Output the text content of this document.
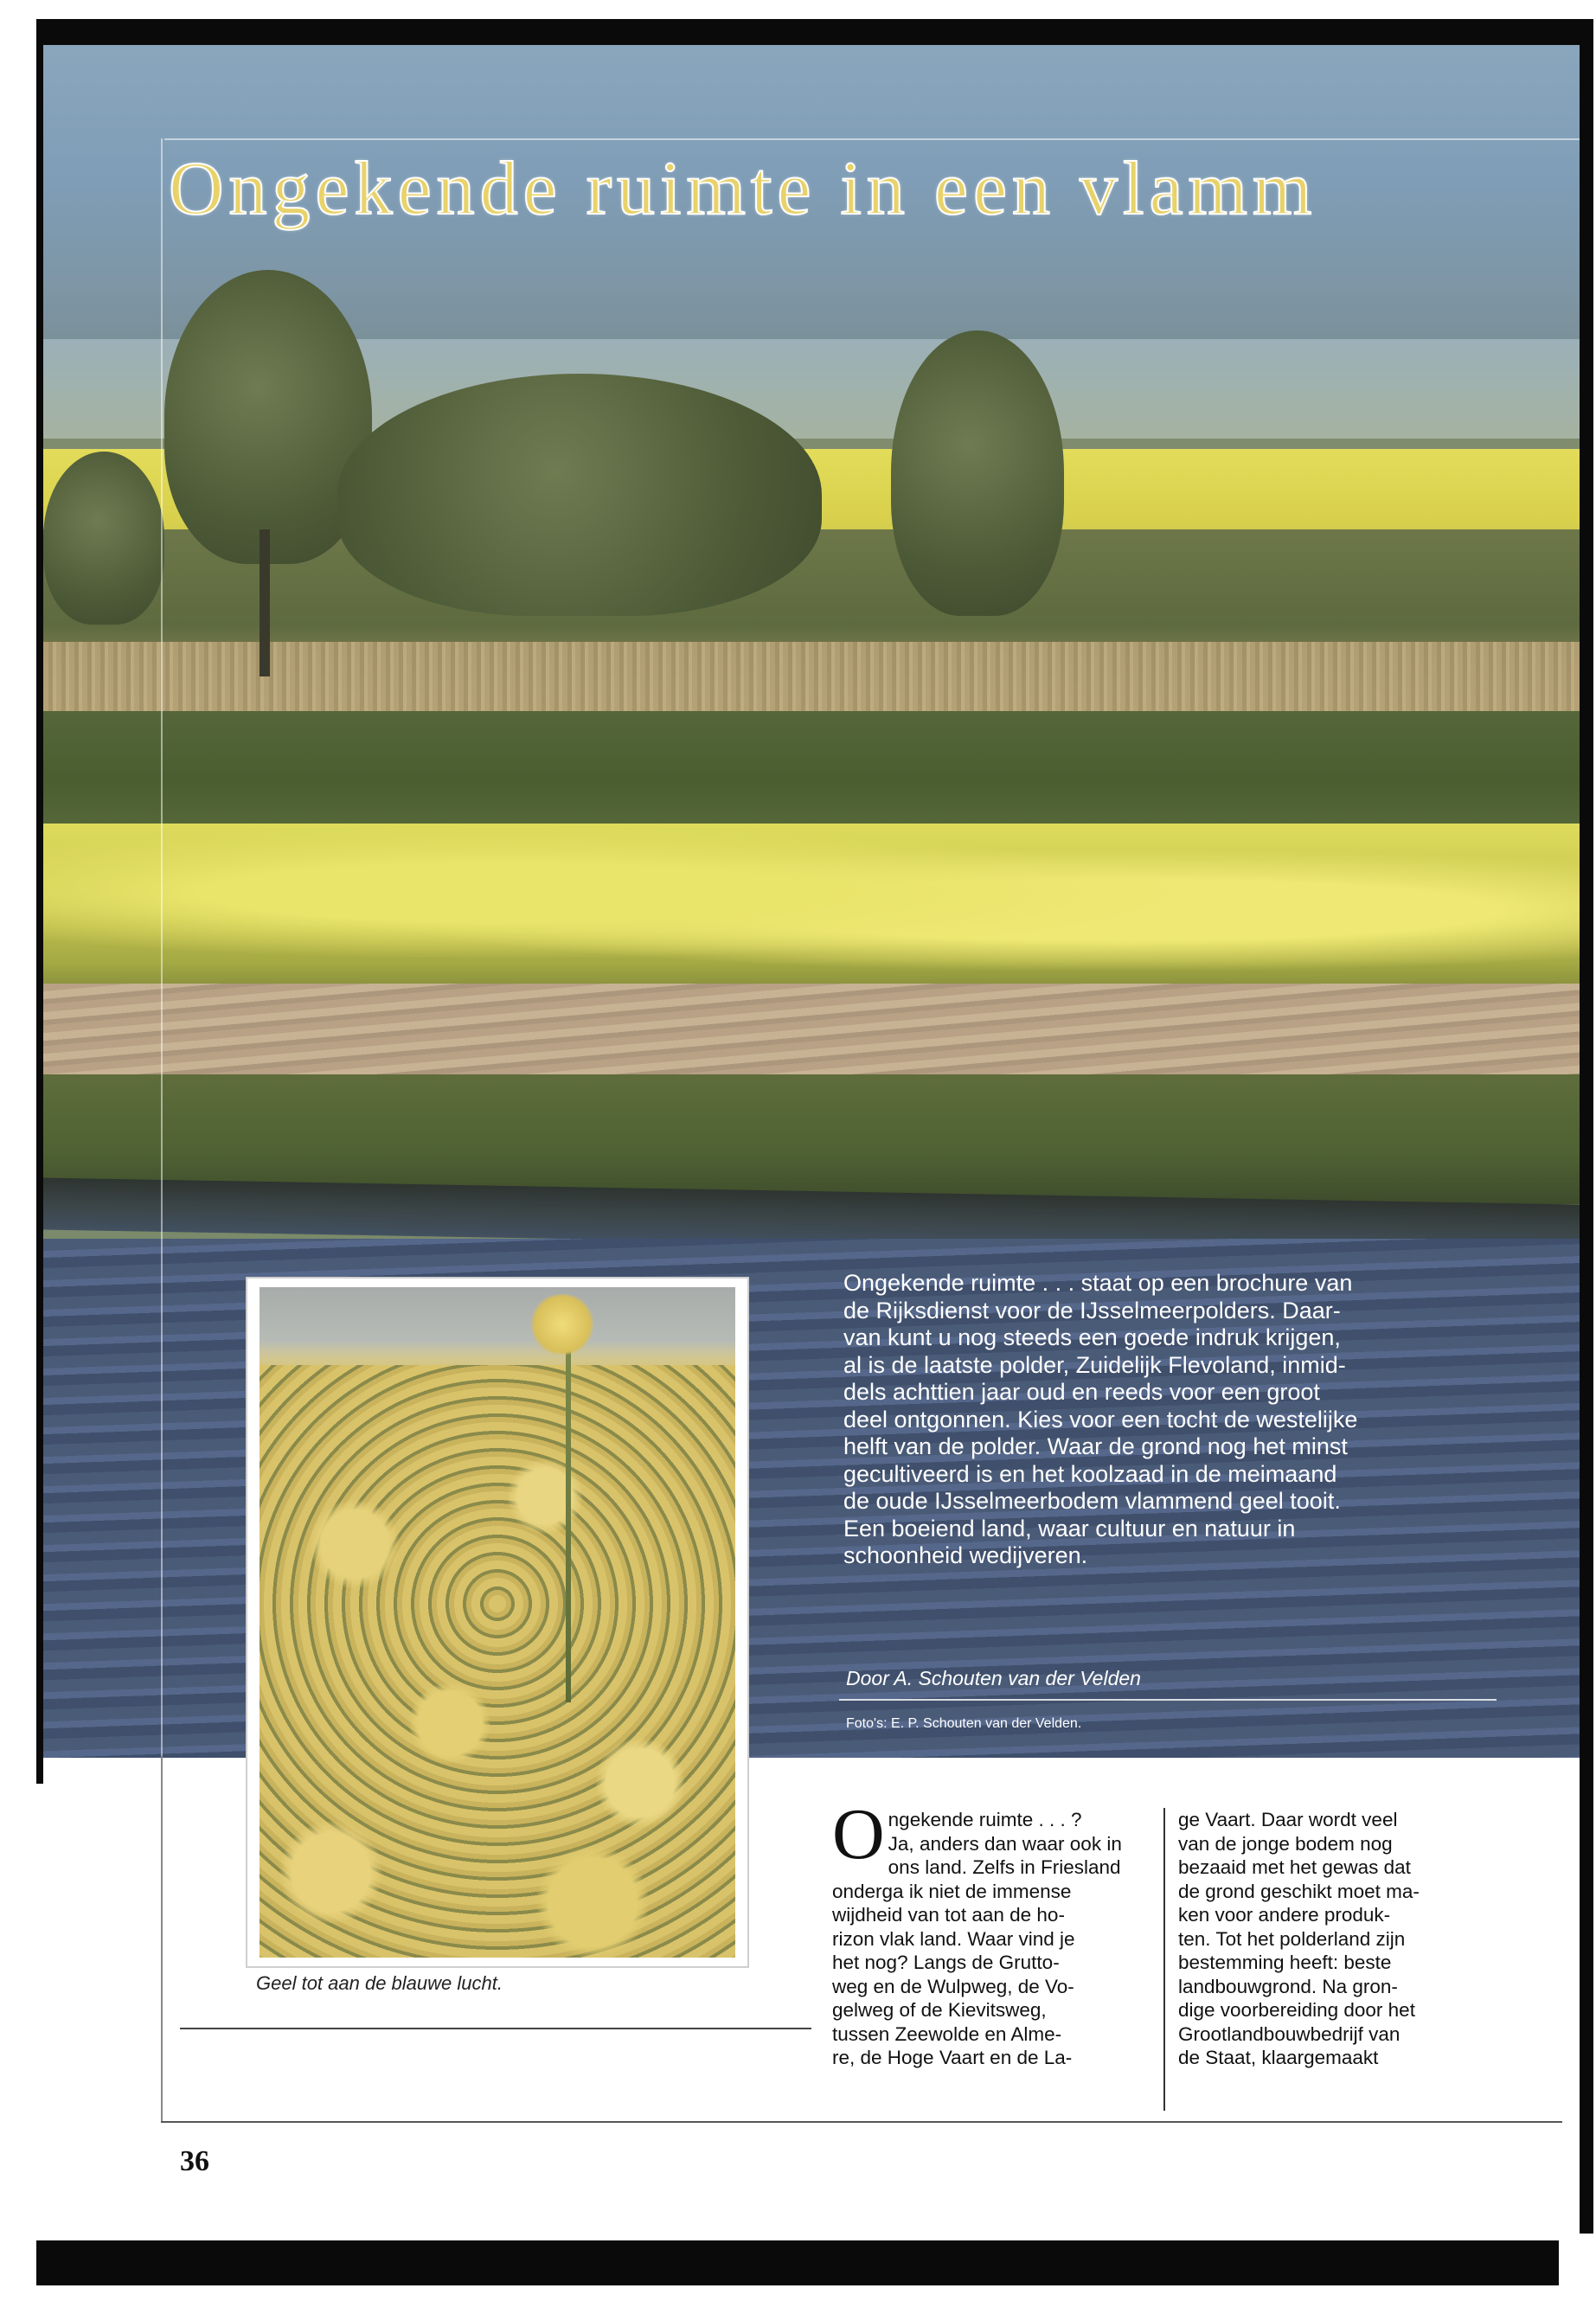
Ongekende ruimte in een vlamm

Ongekende ruimte . . . staat op een brochure van

de Rijksdienst voor de IJsselmeerpolders. Daar-

van kunt u nog steeds een goede indruk krijgen,

al is de laatste polder, Zuidelijk Flevoland, inmid-

dels achttien jaar oud en reeds voor een groot

deel ontgonnen. Kies voor een tocht de westelijke

helft van de polder. Waar de grond nog het minst

gecultiveerd is en het koolzaad in de meimaand

de oude IJsselmeerbodem vlammend geel tooit.

Een boeiend land, waar cultuur en natuur in

schoonheid wedijveren.

Door A. Schouten van der Velden
Foto's: E. P. Schouten van der Velden.
Geel tot aan de blauwe lucht.
O ngekende ruimte . . . ?
Ja, anders dan waar ook in
ons land. Zelfs in Friesland
onderga ik niet de immense
wijdheid van tot aan de ho-
rizon vlak land. Waar vind je
het nog? Langs de Grutto-
weg en de Wulpweg, de Vo-
gelweg of de Kievitsweg,
tussen Zeewolde en Alme-
re, de Hoge Vaart en de La-
ge Vaart. Daar wordt veel
van de jonge bodem nog
bezaaid met het gewas dat
de grond geschikt moet ma-
ken voor andere produk-
ten. Tot het polderland zijn
bestemming heeft: beste
landbouwgrond. Na gron-
dige voorbereiding door het
Grootlandbouwbedrijf van
de Staat, klaargemaakt
36
